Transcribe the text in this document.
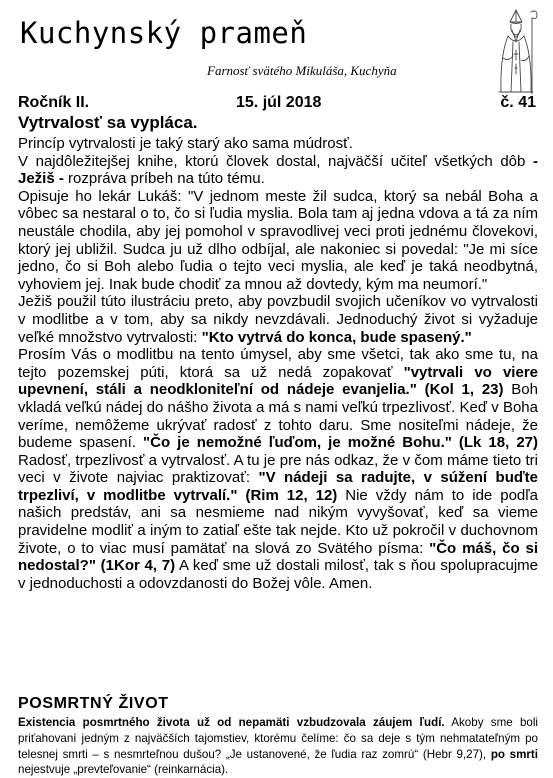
Kuchynský prameň
Farnosť svätého Mikuláša, Kuchyňa
Ročník II.	15. júl 2018	č. 41
Vytrvalosť sa vypláca.

Princíp vytrvalosti je taký starý ako sama múdrosť.

V najdôležitejšej knihe, ktorú človek dostal, najväčší učiteľ všetkých dôb - Ježiš - rozpráva príbeh na túto tému.

Opisuje ho lekár Lukáš: "V jednom meste žil sudca, ktorý sa nebál Boha a vôbec sa nestaral o to, čo si ľudia myslia. Bola tam aj jedna vdova a tá za ním neustále chodila, aby jej pomohol v spravodlivej veci proti jednému človekovi, ktorý jej ubližil. Sudca ju už dlho odbíjal, ale nakoniec si povedal: "Je mi síce jedno, čo si Boh alebo ľudia o tejto veci myslia, ale keď je taká neodbytná, vyhoviem jej. Inak bude chodiť za mnou až dovtedy, kým ma neumorí."

Ježiš použil túto ilustráciu preto, aby povzbudil svojich učeníkov vo vytrvalosti v modlitbe a v tom, aby sa nikdy nevzdávali. Jednoduchý život si vyžaduje veľké množstvo vytrvalosti: "Kto vytrvá do konca, bude spasený."

Prosím Vás o modlitbu na tento úmysel, aby sme všetci, tak ako sme tu, na tejto pozemskej púti, ktorá sa už nedá zopakovať "vytrvali vo viere upevnení, stáli a neodkloniteľní od nádeje evanjelia." (Kol 1, 23) Boh vkladá veľkú nádej do nášho života a má s nami veľkú trpezlivosť. Keď v Boha veríme, nemôžeme ukrývať radosť z tohto daru. Sme nositeľmi nádeje, že budeme spasení. "Čo je nemožné ľuďom, je možné Bohu." (Lk 18, 27) Radosť, trpezlivosť a vytrvalosť. A tu je pre nás odkaz, že v čom máme tieto tri veci v živote najviac praktizovať: "V nádeji sa radujte, v súžení buďte trpezliví, v modlitbe vytrvalí." (Rim 12, 12) Nie vždy nám to ide podľa našich predstáv, ani sa nesmieme nad nikým vyvyšovať, keď sa vieme pravidelne modliť a iným to zatiaľ ešte tak nejde. Kto už pokročil v duchovnom živote, o to viac musí pamätať na slová zo Svätého písma: "Čo máš, čo si nedostal?" (1Kor 4, 7) A keď sme už dostali milosť, tak s ňou spolupracujme v jednoduchosti a odovzdanosti do Božej vôle. Amen.

POSMRTNÝ ŽIVOT

Existencia posmrtného života už od nepamäti vzbudzovala záujem ľudí. Akoby sme boli priťahovaní jedným z najväčších tajomstiev, ktorému čelíme: čo sa deje s tým nehmatateľným po telesnej smrti – s nesmrteľnou dušou? „Je ustanovené, že ľudia raz zomrú“ (Hebr 9,27), po smrti nejestvuje „prevteľovanie“ (reinkarnácia).
